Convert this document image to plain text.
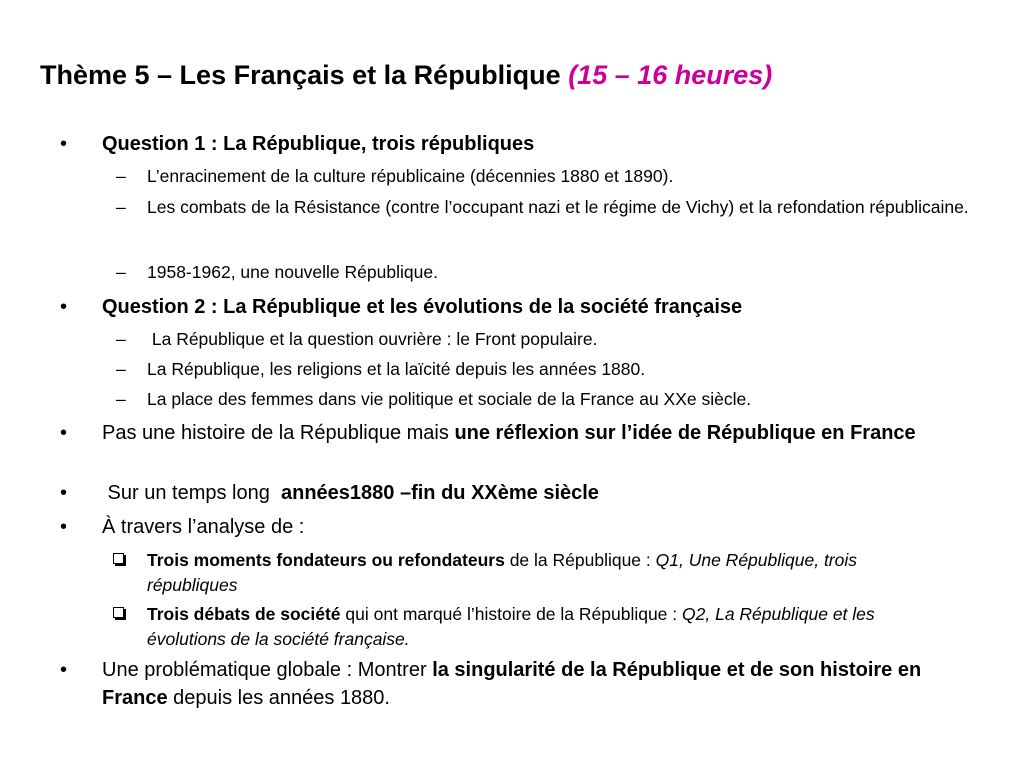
Thème 5 – Les Français et la République (15 – 16 heures)
• Question 1 : La République, trois républiques
– L’enracinement de la culture républicaine (décennies 1880 et 1890).
– Les combats de la Résistance (contre l’occupant nazi et le régime de Vichy) et la refondation républicaine.
– 1958-1962, une nouvelle République.
• Question 2 : La République et les évolutions de la société française
– La République et la question ouvrière : le Front populaire.
– La République, les religions et la laïcité depuis les années 1880.
– La place des femmes dans vie politique et sociale de la France au XXe siècle.
• Pas une histoire de la République mais une réflexion sur l’idée de République en France
• Sur un temps long  années1880 –fin du XXème siècle
• À travers l’analyse de :
Trois moments fondateurs ou refondateurs de la République : Q1, Une République, trois républiques
Trois débats de société qui ont marqué l’histoire de la République : Q2, La République et les évolutions de la société française.
• Une problématique globale : Montrer la singularité de la République et de son histoire en France depuis les années 1880.
